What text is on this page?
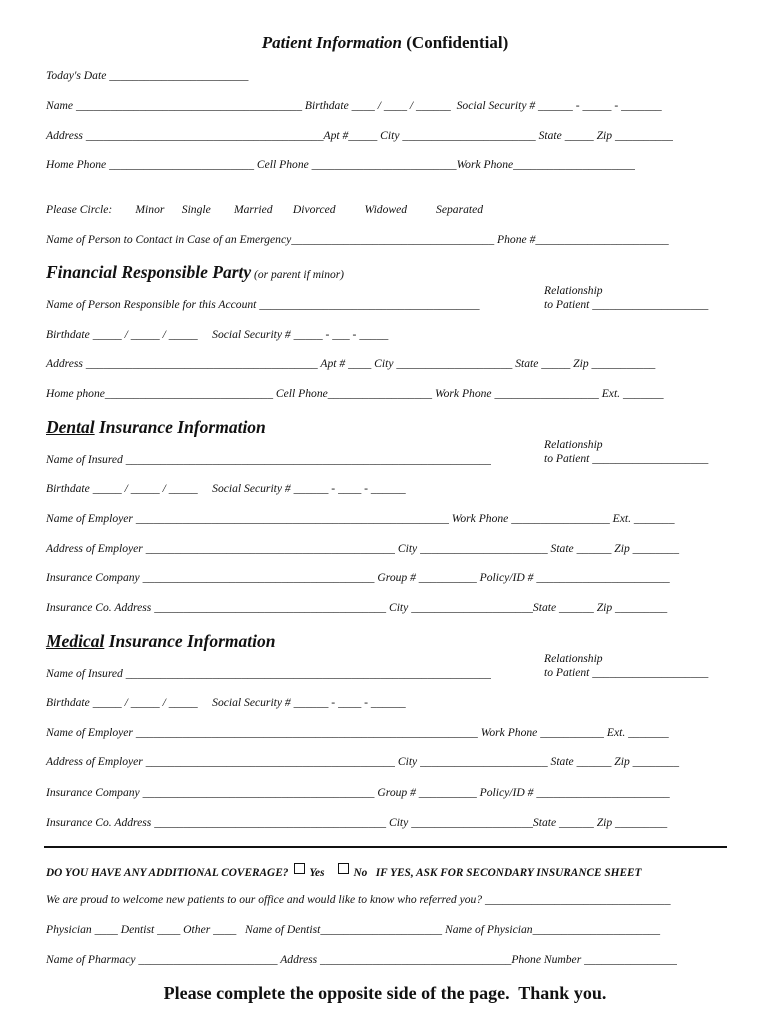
Patient Information (Confidential)
Today's Date ________________________
Name _______________________________________ Birthdate ____ / ____ / ______  Social Security # ______ - _____ - _______
Address _________________________________________Apt #_____ City _______________________ State _____ Zip __________
Home Phone _________________________ Cell Phone _________________________Work Phone_____________________
Please Circle:        Minor      Single        Married       Divorced          Widowed          Separated
Name of Person to Contact in Case of an Emergency___________________________________ Phone #_______________________
Financial Responsible Party (or parent if minor)
Relationship
to Patient ____________________
Name of Person Responsible for this Account ______________________________________
Birthdate _____ / _____ / _____     Social Security # _____ - ___ - _____
Address ________________________________________ Apt # ____ City ____________________ State _____ Zip ___________
Home phone_____________________________ Cell Phone__________________ Work Phone __________________ Ext. _______
Dental Insurance Information
Relationship
to Patient ____________________
Name of Insured _______________________________________________________________
Birthdate _____ / _____ / _____     Social Security # ______ - ____ - ______
Name of Employer ______________________________________________________ Work Phone _________________ Ext. _______
Address of Employer ___________________________________________ City ______________________ State ______ Zip ________
Insurance Company ________________________________________ Group # __________ Policy/ID # _______________________
Insurance Co. Address ________________________________________ City _____________________State ______ Zip _________
Medical Insurance Information
Relationship
to Patient ____________________
Name of Insured _______________________________________________________________
Birthdate _____ / _____ / _____     Social Security # ______ - ____ - ______
Name of Employer ___________________________________________________________ Work Phone ___________ Ext. _______
Address of Employer ___________________________________________ City ______________________ State ______ Zip ________
Insurance Company ________________________________________ Group # __________ Policy/ID # _______________________
Insurance Co. Address ________________________________________ City _____________________State ______ Zip _________
DO YOU HAVE ANY ADDITIONAL COVERAGE? Yes	No   IF YES, ASK FOR SECONDARY INSURANCE SHEET
We are proud to welcome new patients to our office and would like to know who referred you? ________________________________
Physician ____ Dentist ____ Other ____   Name of Dentist_____________________ Name of Physician______________________
Name of Pharmacy ________________________ Address _________________________________Phone Number ________________
Please complete the opposite side of the page.  Thank you.
